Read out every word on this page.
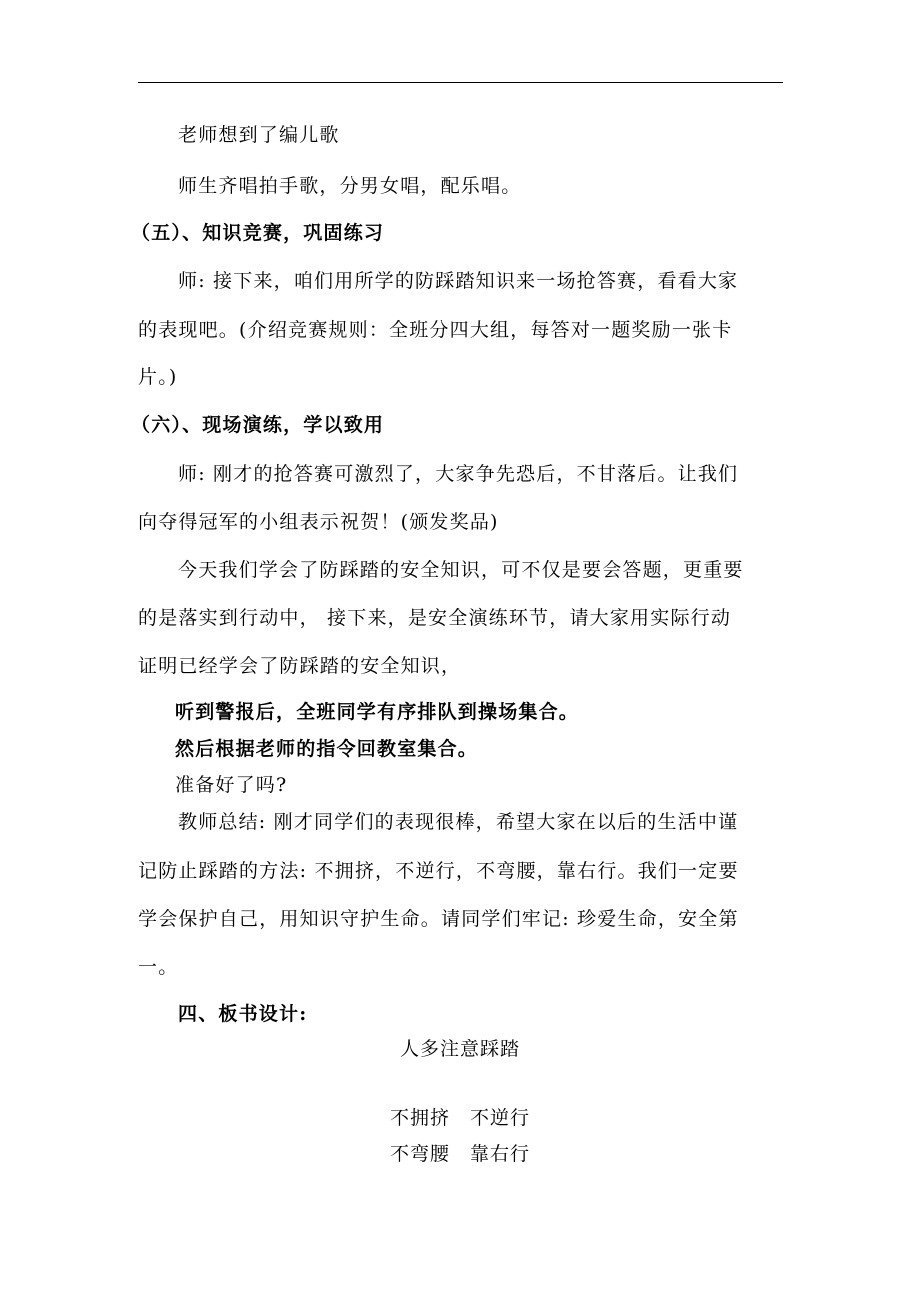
老师想到了编儿歌
师生齐唱拍手歌，分男女唱，配乐唱。
（五）、知识竞赛，巩固练习
师: 接下来，咱们用所学的防踩踏知识来一场抢答赛，看看大家
的表现吧。(介绍竞赛规则：全班分四大组，每答对一题奖励一张卡
片。)
（六）、现场演练，学以致用
师: 刚才的抢答赛可激烈了，大家争先恐后，不甘落后。让我们
向夺得冠军的小组表示祝贺！(颁发奖品)
今天我们学会了防踩踏的安全知识，可不仅是要会答题，更重要
的是落实到行动中， 接下来，是安全演练环节，请大家用实际行动
证明已经学会了防踩踏的安全知识，
听到警报后，全班同学有序排队到操场集合。
然后根据老师的指令回教室集合。
准备好了吗?
教师总结: 刚才同学们的表现很棒，希望大家在以后的生活中谨
记防止踩踏的方法: 不拥挤，不逆行，不弯腰，靠右行。我们一定要
学会保护自己，用知识守护生命。请同学们牢记: 珍爱生命，安全第
一。
四、板书设计:
人多注意踩踏
不拥挤 不逆行
不弯腰 靠右行
